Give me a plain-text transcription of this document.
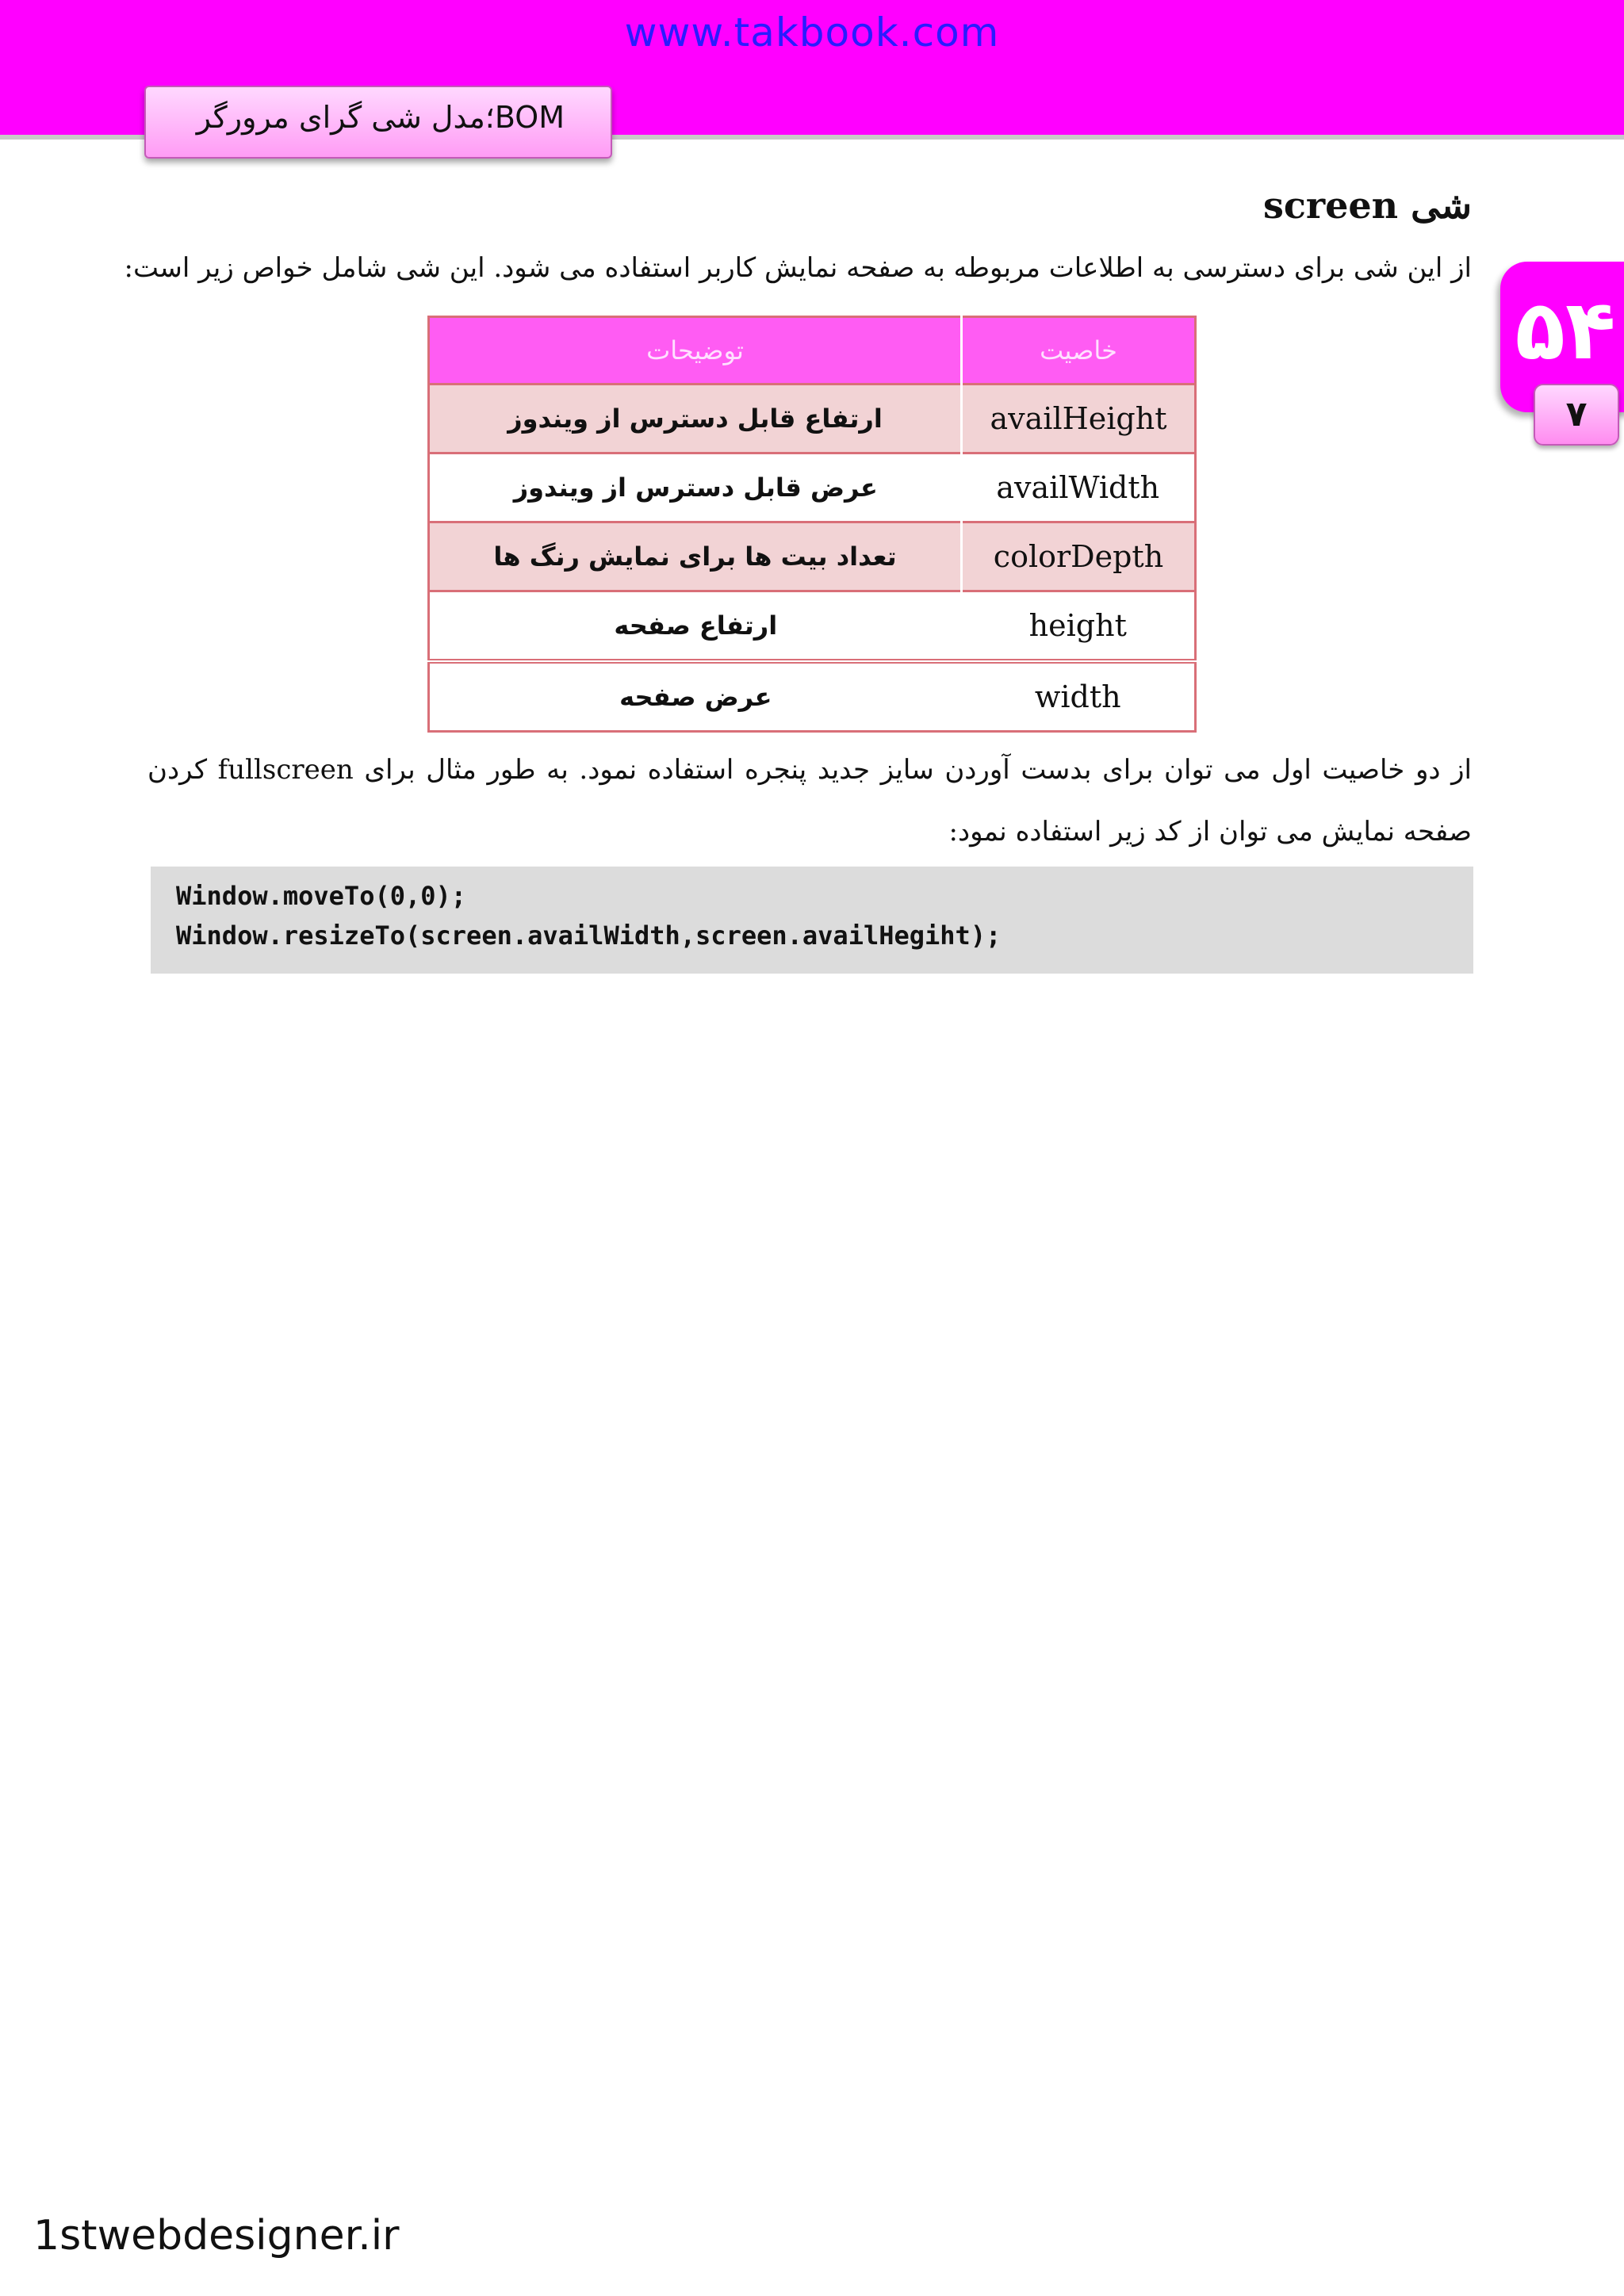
www.takbook.com
BOM؛مدل شی گرای مرورگر
۵۴
۷
شی screen
از این شی برای دسترسی به اطلاعات مربوطه به صفحه نمایش کاربر استفاده می شود. این شی شامل خواص زیر است:
خاصیت	توضیحات
availHeight	ارتفاع قابل دسترس از ویندوز
availWidth	عرض قابل دسترس از ویندوز
colorDepth	تعداد بیت ها برای نمایش رنگ ها
height	ارتفاع صفحه
width	عرض صفحه
از دو خاصیت اول می توان برای بدست آوردن سایز جدید پنجره استفاده نمود. به طور مثال برای fullscreen کردن صفحه نمایش می توان از کد زیر استفاده نمود:
Window.moveTo(0,0);
Window.resizeTo(screen.availWidth,screen.availHegiht);
1stwebdesigner.ir
